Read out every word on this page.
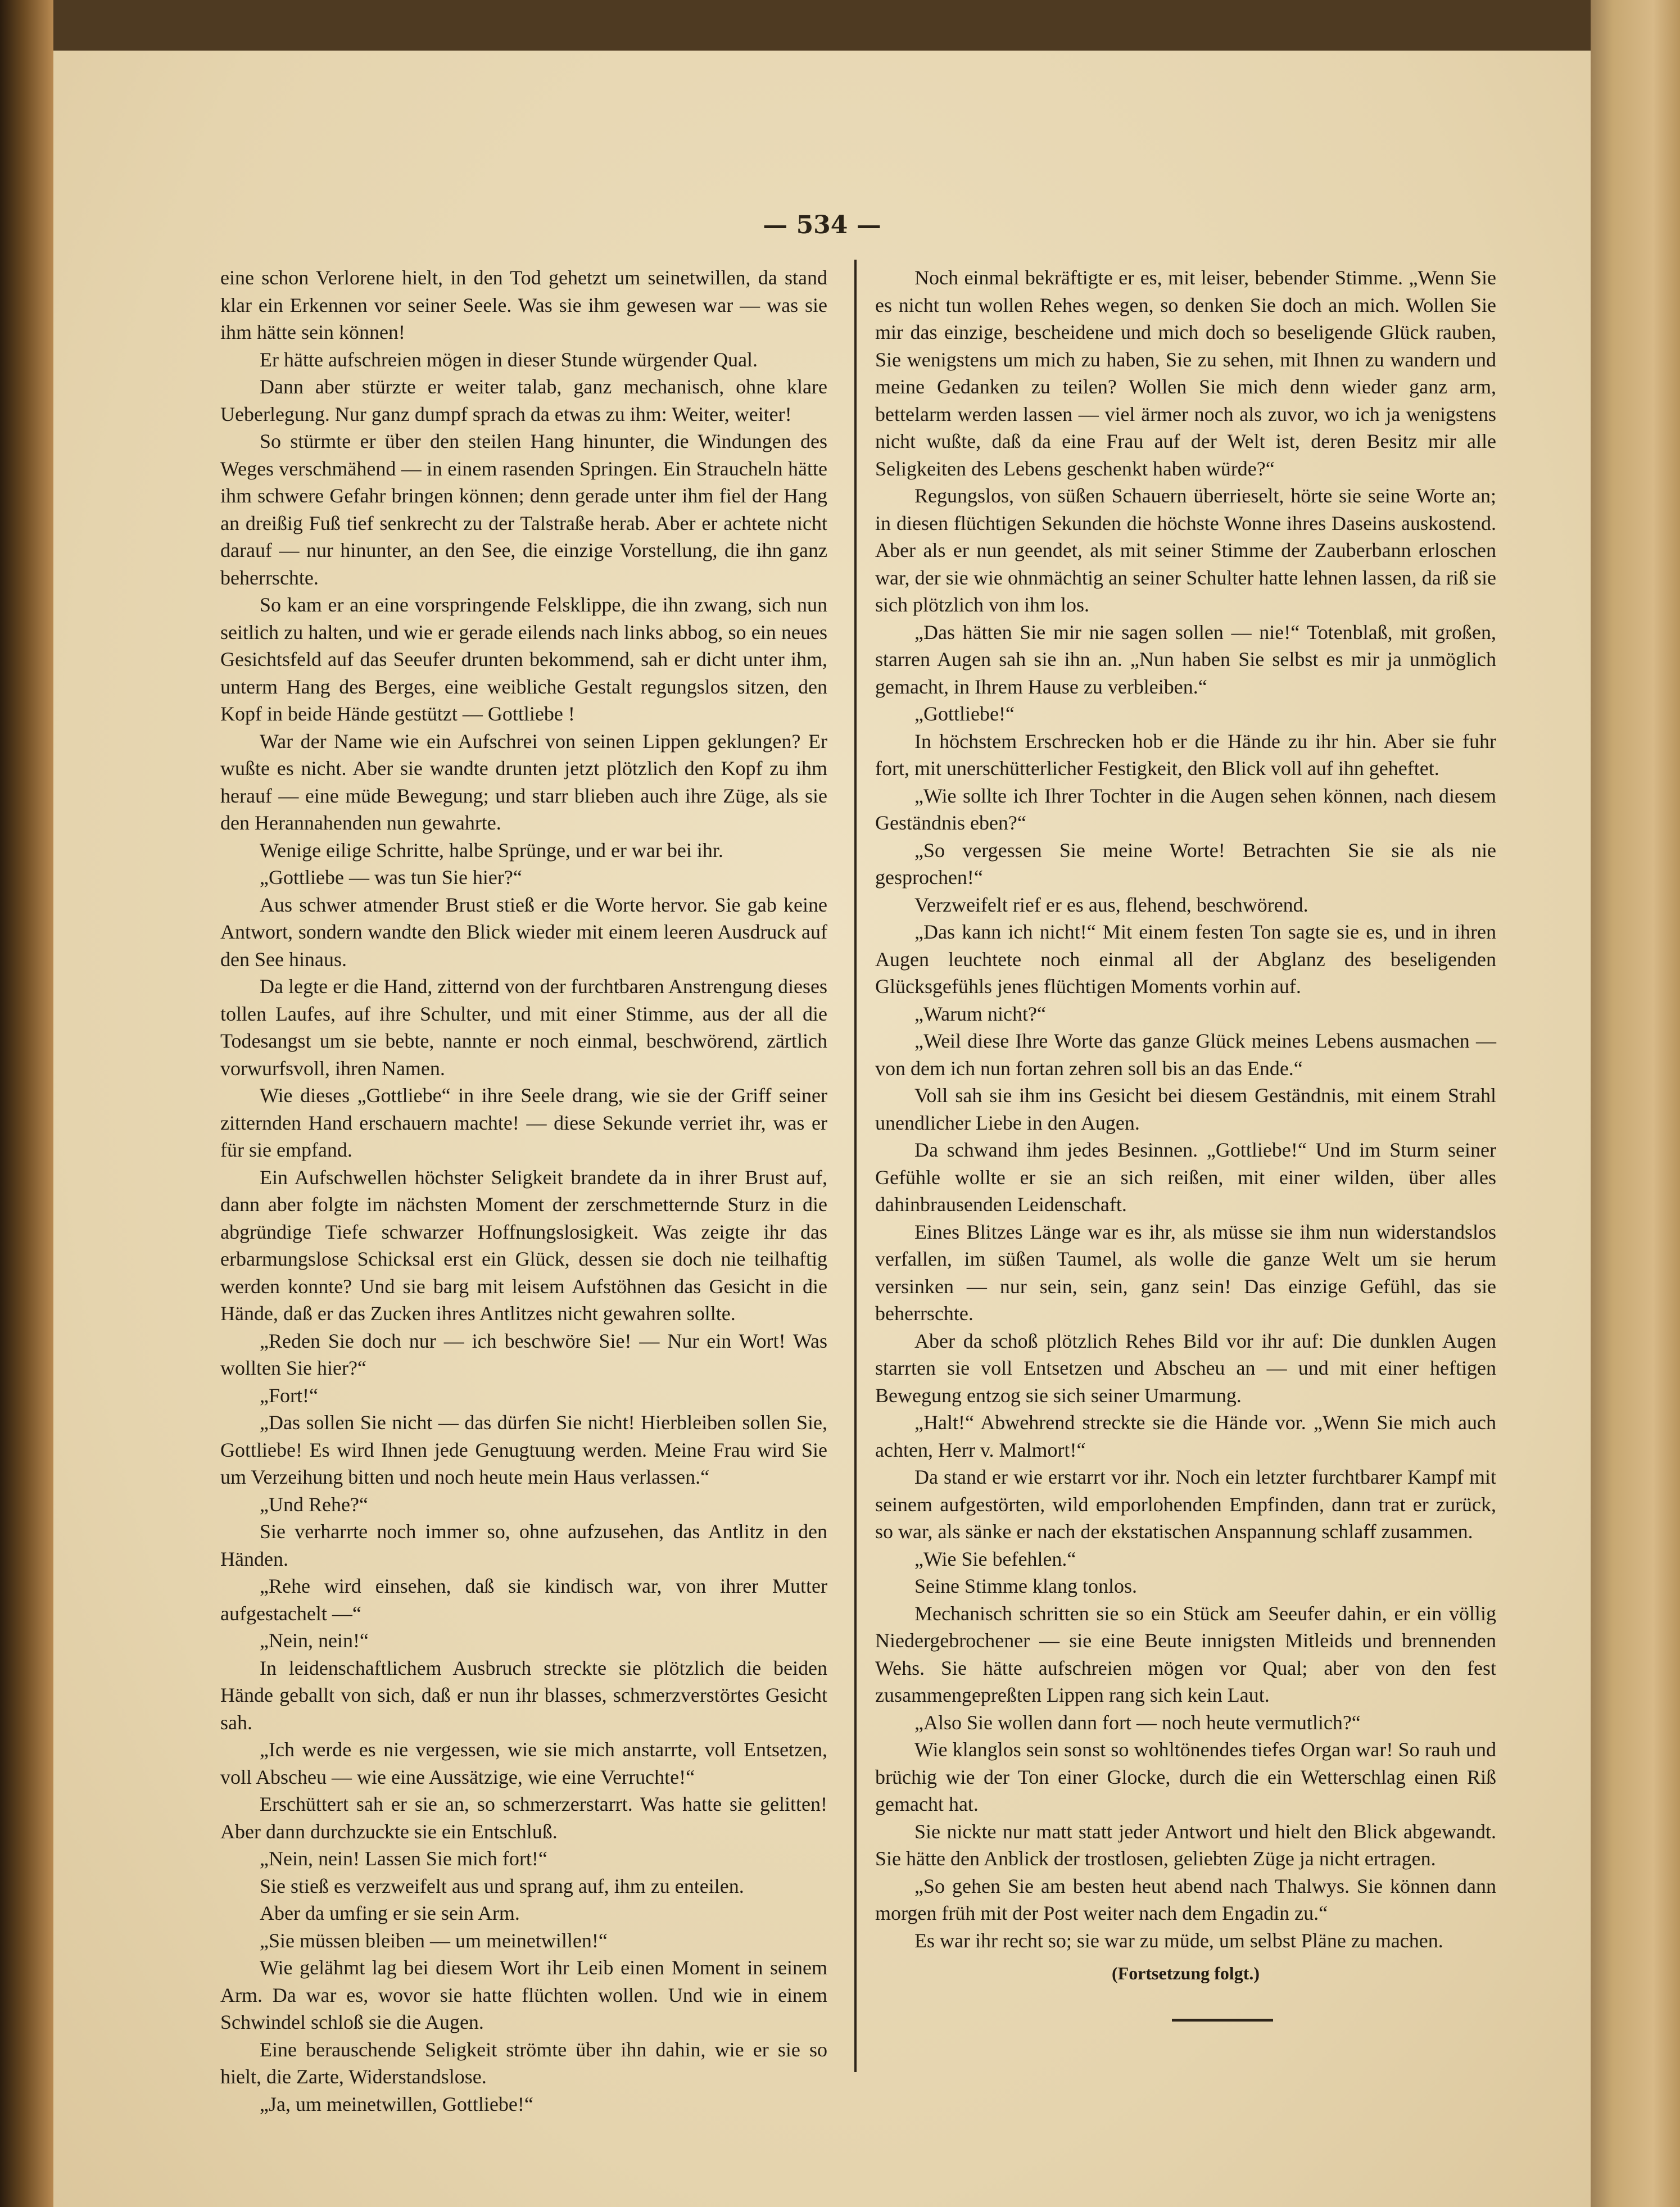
— 534 —

eine schon Verlorene hielt, in den Tod gehetzt um seinetwillen, da stand klar ein Erkennen vor seiner Seele. Was sie ihm gewesen war — was sie ihm hätte sein können!

Er hätte aufschreien mögen in dieser Stunde würgender Qual.

Dann aber stürzte er weiter talab, ganz mechanisch, ohne klare Ueberlegung. Nur ganz dumpf sprach da etwas zu ihm: Weiter, weiter!

So stürmte er über den steilen Hang hinunter, die Windungen des Weges verschmähend — in einem rasenden Springen. Ein Straucheln hätte ihm schwere Gefahr bringen können; denn gerade unter ihm fiel der Hang an dreißig Fuß tief senkrecht zu der Talstraße herab. Aber er achtete nicht darauf — nur hinunter, an den See, die einzige Vorstellung, die ihn ganz beherrschte.

So kam er an eine vorspringende Felsklippe, die ihn zwang, sich nun seitlich zu halten, und wie er gerade eilends nach links abbog, so ein neues Gesichtsfeld auf das Seeufer drunten bekommend, sah er dicht unter ihm, unterm Hang des Berges, eine weibliche Gestalt regungslos sitzen, den Kopf in beide Hände gestützt — Gottliebe !

War der Name wie ein Aufschrei von seinen Lippen geklungen? Er wußte es nicht. Aber sie wandte drunten jetzt plötzlich den Kopf zu ihm herauf — eine müde Bewegung; und starr blieben auch ihre Züge, als sie den Herannahenden nun gewahrte.

Wenige eilige Schritte, halbe Sprünge, und er war bei ihr.

„Gottliebe — was tun Sie hier?“

Aus schwer atmender Brust stieß er die Worte hervor. Sie gab keine Antwort, sondern wandte den Blick wieder mit einem leeren Ausdruck auf den See hinaus.

Da legte er die Hand, zitternd von der furchtbaren Anstrengung dieses tollen Laufes, auf ihre Schulter, und mit einer Stimme, aus der all die Todesangst um sie bebte, nannte er noch einmal, beschwörend, zärtlich vorwurfsvoll, ihren Namen.

Wie dieses „Gottliebe“ in ihre Seele drang, wie sie der Griff seiner zitternden Hand erschauern machte! — diese Sekunde verriet ihr, was er für sie empfand.

Ein Aufschwellen höchster Seligkeit brandete da in ihrer Brust auf, dann aber folgte im nächsten Moment der zerschmetternde Sturz in die abgründige Tiefe schwarzer Hoffnungslosigkeit. Was zeigte ihr das erbarmungslose Schicksal erst ein Glück, dessen sie doch nie teilhaftig werden konnte? Und sie barg mit leisem Aufstöhnen das Gesicht in die Hände, daß er das Zucken ihres Antlitzes nicht gewahren sollte.

„Reden Sie doch nur — ich beschwöre Sie! — Nur ein Wort! Was wollten Sie hier?“

„Fort!“

„Das sollen Sie nicht — das dürfen Sie nicht! Hierbleiben sollen Sie, Gottliebe! Es wird Ihnen jede Genugtuung werden. Meine Frau wird Sie um Verzeihung bitten und noch heute mein Haus verlassen.“

„Und Rehe?“

Sie verharrte noch immer so, ohne aufzusehen, das Antlitz in den Händen.

„Rehe wird einsehen, daß sie kindisch war, von ihrer Mutter aufgestachelt —“

„Nein, nein!“

In leidenschaftlichem Ausbruch streckte sie plötzlich die beiden Hände geballt von sich, daß er nun ihr blasses, schmerzverstörtes Gesicht sah.

„Ich werde es nie vergessen, wie sie mich anstarrte, voll Entsetzen, voll Abscheu — wie eine Aussätzige, wie eine Verruchte!“

Erschüttert sah er sie an, so schmerzerstarrt. Was hatte sie gelitten! Aber dann durchzuckte sie ein Entschluß.

„Nein, nein! Lassen Sie mich fort!“

Sie stieß es verzweifelt aus und sprang auf, ihm zu enteilen.

Aber da umfing er sie sein Arm.

„Sie müssen bleiben — um meinetwillen!“

Wie gelähmt lag bei diesem Wort ihr Leib einen Moment in seinem Arm. Da war es, wovor sie hatte flüchten wollen. Und wie in einem Schwindel schloß sie die Augen.

Eine berauschende Seligkeit strömte über ihn dahin, wie er sie so hielt, die Zarte, Widerstandslose.

„Ja, um meinetwillen, Gottliebe!“

Noch einmal bekräftigte er es, mit leiser, bebender Stimme. „Wenn Sie es nicht tun wollen Rehes wegen, so denken Sie doch an mich. Wollen Sie mir das einzige, bescheidene und mich doch so beseligende Glück rauben, Sie wenigstens um mich zu haben, Sie zu sehen, mit Ihnen zu wandern und meine Gedanken zu teilen? Wollen Sie mich denn wieder ganz arm, bettelarm werden lassen — viel ärmer noch als zuvor, wo ich ja wenigstens nicht wußte, daß da eine Frau auf der Welt ist, deren Besitz mir alle Seligkeiten des Lebens geschenkt haben würde?“

Regungslos, von süßen Schauern überrieselt, hörte sie seine Worte an; in diesen flüchtigen Sekunden die höchste Wonne ihres Daseins auskostend. Aber als er nun geendet, als mit seiner Stimme der Zauberbann erloschen war, der sie wie ohnmächtig an seiner Schulter hatte lehnen lassen, da riß sie sich plötzlich von ihm los.

„Das hätten Sie mir nie sagen sollen — nie!“ Totenblaß, mit großen, starren Augen sah sie ihn an. „Nun haben Sie selbst es mir ja unmöglich gemacht, in Ihrem Hause zu verbleiben.“

„Gottliebe!“

In höchstem Erschrecken hob er die Hände zu ihr hin. Aber sie fuhr fort, mit unerschütterlicher Festigkeit, den Blick voll auf ihn geheftet.

„Wie sollte ich Ihrer Tochter in die Augen sehen können, nach diesem Geständnis eben?“

„So vergessen Sie meine Worte! Betrachten Sie sie als nie gesprochen!“

Verzweifelt rief er es aus, flehend, beschwörend.

„Das kann ich nicht!“ Mit einem festen Ton sagte sie es, und in ihren Augen leuchtete noch einmal all der Abglanz des beseligenden Glücksgefühls jenes flüchtigen Moments vorhin auf.

„Warum nicht?“

„Weil diese Ihre Worte das ganze Glück meines Lebens ausmachen — von dem ich nun fortan zehren soll bis an das Ende.“

Voll sah sie ihm ins Gesicht bei diesem Geständnis, mit einem Strahl unendlicher Liebe in den Augen.

Da schwand ihm jedes Besinnen. „Gottliebe!“ Und im Sturm seiner Gefühle wollte er sie an sich reißen, mit einer wilden, über alles dahinbrausenden Leidenschaft.

Eines Blitzes Länge war es ihr, als müsse sie ihm nun widerstandslos verfallen, im süßen Taumel, als wolle die ganze Welt um sie herum versinken — nur sein, sein, ganz sein! Das einzige Gefühl, das sie beherrschte.

Aber da schoß plötzlich Rehes Bild vor ihr auf: Die dunklen Augen starrten sie voll Entsetzen und Abscheu an — und mit einer heftigen Bewegung entzog sie sich seiner Umarmung.

„Halt!“ Abwehrend streckte sie die Hände vor. „Wenn Sie mich auch achten, Herr v. Malmort!“

Da stand er wie erstarrt vor ihr. Noch ein letzter furchtbarer Kampf mit seinem aufgestörten, wild emporlohenden Empfinden, dann trat er zurück, so war, als sänke er nach der ekstatischen Anspannung schlaff zusammen.

„Wie Sie befehlen.“

Seine Stimme klang tonlos.

Mechanisch schritten sie so ein Stück am Seeufer dahin, er ein völlig Niedergebrochener — sie eine Beute innigsten Mitleids und brennenden Wehs. Sie hätte aufschreien mögen vor Qual; aber von den fest zusammengepreßten Lippen rang sich kein Laut.

„Also Sie wollen dann fort — noch heute vermutlich?“

Wie klanglos sein sonst so wohltönendes tiefes Organ war! So rauh und brüchig wie der Ton einer Glocke, durch die ein Wetterschlag einen Riß gemacht hat.

Sie nickte nur matt statt jeder Antwort und hielt den Blick abgewandt. Sie hätte den Anblick der trostlosen, geliebten Züge ja nicht ertragen.

„So gehen Sie am besten heut abend nach Thalwys. Sie können dann morgen früh mit der Post weiter nach dem Engadin zu.“

Es war ihr recht so; sie war zu müde, um selbst Pläne zu machen.

(Fortsetzung folgt.)
